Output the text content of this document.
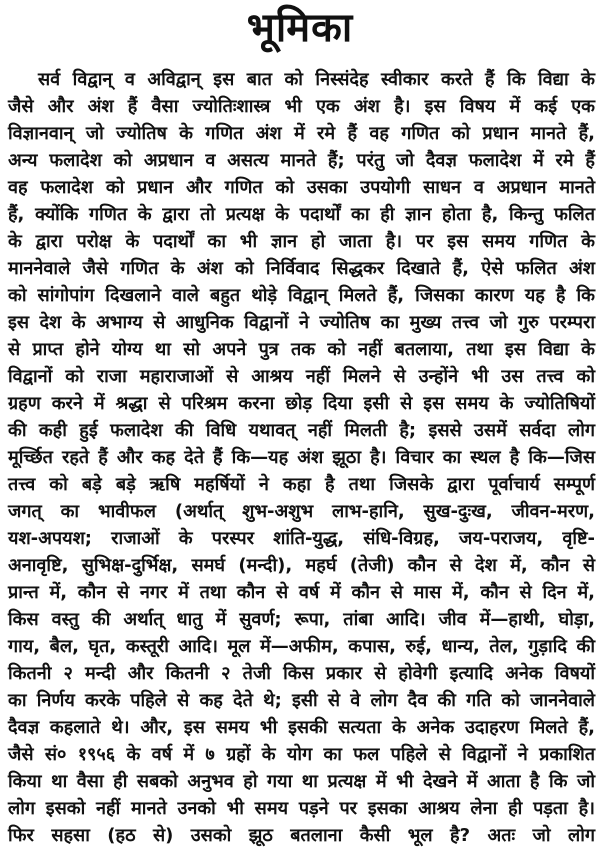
भूमिका
सर्व विद्वान् व अविद्वान् इस बात को निस्संदेह स्वीकार करते हैं कि विद्या के
जैसे और अंश हैं वैसा ज्योतिःशास्त्र भी एक अंश है। इस विषय में कई एक
विज्ञानवान् जो ज्योतिष के गणित अंश में रमे हैं वह गणित को प्रधान मानते हैं,
अन्य फलादेश को अप्रधान व असत्य मानते हैं; परंतु जो दैवज्ञ फलादेश में रमे हैं
वह फलादेश को प्रधान और गणित को उसका उपयोगी साधन व अप्रधान मानते
हैं, क्योंकि गणित के द्वारा तो प्रत्यक्ष के पदार्थों का ही ज्ञान होता है, किन्तु फलित
के द्वारा परोक्ष के पदार्थों का भी ज्ञान हो जाता है। पर इस समय गणित के
माननेवाले जैसे गणित के अंश को निर्विवाद सिद्धकर दिखाते हैं, ऐसे फलित अंश
को सांगोपांग दिखलाने वाले बहुत थोड़े विद्वान् मिलते हैं, जिसका कारण यह है कि
इस देश के अभाग्य से आधुनिक विद्वानों ने ज्योतिष का मुख्य तत्त्व जो गुरु परम्परा
से प्राप्त होने योग्य था सो अपने पुत्र तक को नहीं बतलाया, तथा इस विद्या के
विद्वानों को राजा महाराजाओं से आश्रय नहीं मिलने से उन्होंने भी उस तत्त्व को
ग्रहण करने में श्रद्धा से परिश्रम करना छोड़ दिया इसी से इस समय के ज्योतिषियों
की कही हुई फलादेश की विधि यथावत् नहीं मिलती है; इससे उसमें सर्वदा लोग
मूर्च्छित रहते हैं और कह देते हैं कि—यह अंश झूठा है। विचार का स्थल है कि—जिस
तत्त्व को बड़े बड़े ऋषि महर्षियों ने कहा है तथा जिसके द्वारा पूर्वाचार्य सम्पूर्ण
जगत् का भावीफल (अर्थात् शुभ-अशुभ लाभ-हानि, सुख-दुःख, जीवन-मरण,
यश-अपयश; राजाओं के परस्पर शांति-युद्ध, संधि-विग्रह, जय-पराजय, वृष्टि-
अनावृष्टि, सुभिक्ष-दुर्भिक्ष, समर्घ (मन्दी), महर्घ (तेजी) कौन से देश में, कौन से
प्रान्त में, कौन से नगर में तथा कौन से वर्ष में कौन से मास में, कौन से दिन में,
किस वस्तु की अर्थात् धातु में सुवर्ण; रूपा, तांबा आदि। जीव में—हाथी, घोड़ा,
गाय, बैल, घृत, कस्तूरी आदि। मूल में—अफीम, कपास, रुई, धान्य, तेल, गुड़ादि की
कितनी २ मन्दी और कितनी २ तेजी किस प्रकार से होवेगी इत्यादि अनेक विषयों
का निर्णय करके पहिले से कह देते थे; इसी से वे लोग दैव की गति को जाननेवाले
दैवज्ञ कहलाते थे। और, इस समय भी इसकी सत्यता के अनेक उदाहरण मिलते हैं,
जैसे सं० १९५६ के वर्ष में ७ ग्रहों के योग का फल पहिले से विद्वानों ने प्रकाशित
किया था वैसा ही सबको अनुभव हो गया था प्रत्यक्ष में भी देखने में आता है कि जो
लोग इसको नहीं मानते उनको भी समय पड़ने पर इसका आश्रय लेना ही पड़ता है।
फिर सहसा (हठ से) उसको झूठ बतलाना कैसी भूल है? अतः जो लोग
